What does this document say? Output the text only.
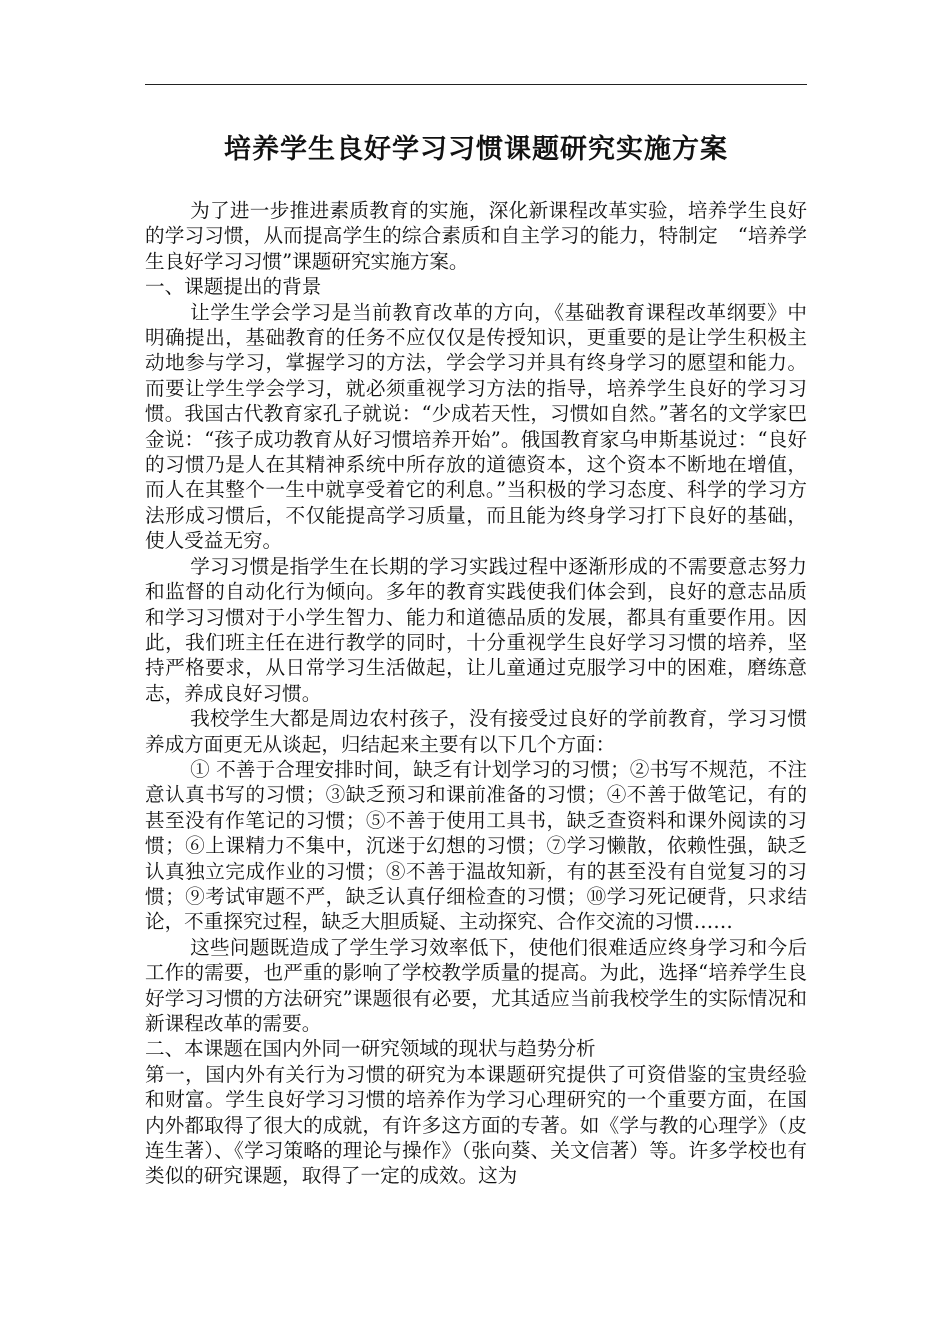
培养学生良好学习习惯课题研究实施方案

为了进一步推进素质教育的实施，深化新课程改革实验，培养学生良好的学习习惯，从而提高学生的综合素质和自主学习的能力，特制定　“培养学生良好学习习惯”课题研究实施方案。

一、课题提出的背景

让学生学会学习是当前教育改革的方向，《基础教育课程改革纲要》中明确提出，基础教育的任务不应仅仅是传授知识，更重要的是让学生积极主动地参与学习，掌握学习的方法，学会学习并具有终身学习的愿望和能力。而要让学生学会学习，就必须重视学习方法的指导，培养学生良好的学习习惯。我国古代教育家孔子就说：“少成若天性，习惯如自然。”著名的文学家巴金说：“孩子成功教育从好习惯培养开始”。俄国教育家乌申斯基说过：“良好的习惯乃是人在其精神系统中所存放的道德资本，这个资本不断地在增值，而人在其整个一生中就享受着它的利息。”当积极的学习态度、科学的学习方法形成习惯后，不仅能提高学习质量，而且能为终身学习打下良好的基础，使人受益无穷。

学习习惯是指学生在长期的学习实践过程中逐渐形成的不需要意志努力和监督的自动化行为倾向。多年的教育实践使我们体会到，良好的意志品质和学习习惯对于小学生智力、能力和道德品质的发展，都具有重要作用。因此，我们班主任在进行教学的同时，十分重视学生良好学习习惯的培养，坚持严格要求，从日常学习生活做起，让儿童通过克服学习中的困难，磨练意志，养成良好习惯。

我校学生大都是周边农村孩子，没有接受过良好的学前教育，学习习惯养成方面更无从谈起，归结起来主要有以下几个方面：

① 不善于合理安排时间，缺乏有计划学习的习惯；②书写不规范，不注意认真书写的习惯；③缺乏预习和课前准备的习惯；④不善于做笔记，有的甚至没有作笔记的习惯；⑤不善于使用工具书，缺乏查资料和课外阅读的习惯；⑥上课精力不集中，沉迷于幻想的习惯；⑦学习懒散，依赖性强，缺乏认真独立完成作业的习惯；⑧不善于温故知新，有的甚至没有自觉复习的习惯；⑨考试审题不严，缺乏认真仔细检查的习惯；⑩学习死记硬背，只求结论，不重探究过程，缺乏大胆质疑、主动探究、合作交流的习惯……

这些问题既造成了学生学习效率低下，使他们很难适应终身学习和今后工作的需要，也严重的影响了学校教学质量的提高。为此，选择“培养学生良好学习习惯的方法研究”课题很有必要，尤其适应当前我校学生的实际情况和新课程改革的需要。

二、本课题在国内外同一研究领域的现状与趋势分析

第一，国内外有关行为习惯的研究为本课题研究提供了可资借鉴的宝贵经验和财富。学生良好学习习惯的培养作为学习心理研究的一个重要方面，在国内外都取得了很大的成就，有许多这方面的专著。如《学与教的心理学》（皮连生著）、《学习策略的理论与操作》（张向葵、关文信著）等。许多学校也有类似的研究课题，取得了一定的成效。这为
